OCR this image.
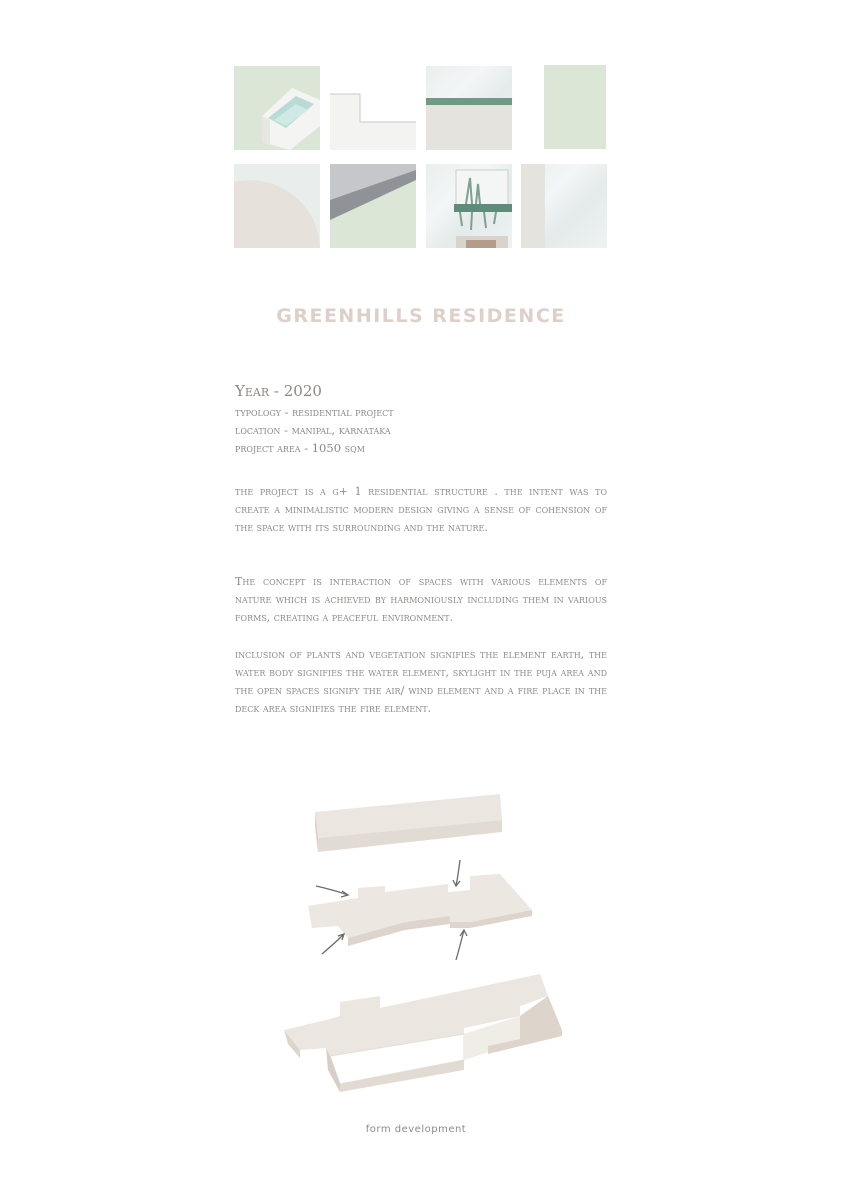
GREENHILLS RESIDENCE
Year - 2020
typology - residential project
location - manipal, karnataka
project area - 1050 sqm

the project is a g+ 1 residential structure . the intent was to create a minimalistic modern design giving a sense of cohension of the space with its surrounding and the nature.

The concept is interaction of spaces with various elements of nature which is achieved by harmoniously including them in various forms, creating a peaceful environment.

inclusion of plants and vegetation signifies the element earth, the water body signifies the water element, skylight in the puja area and the open spaces signify the air/ wind element and a fire place in the deck area signifies the fire element.

form development
